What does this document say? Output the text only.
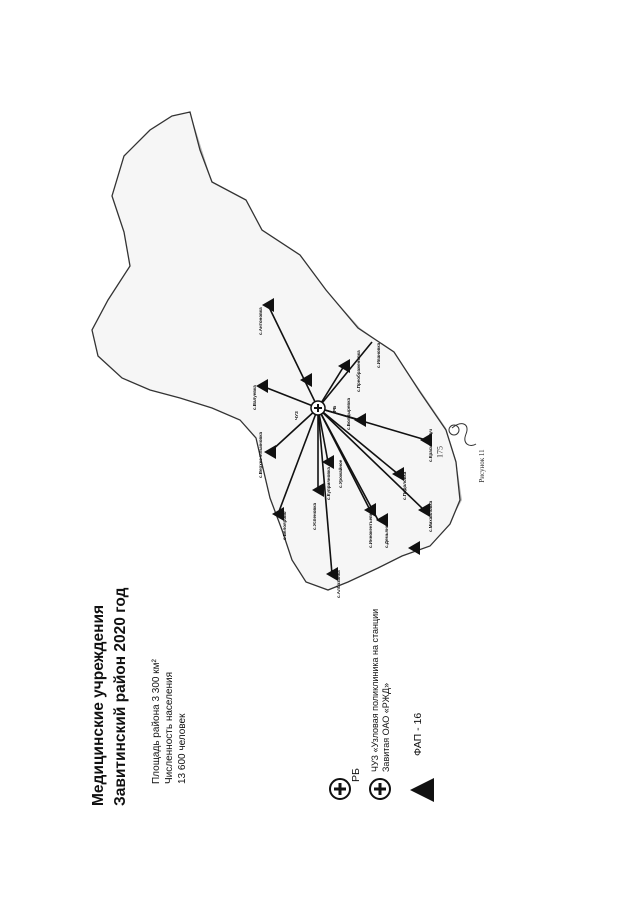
РБ
ЧУЗ
с.Антоновка
с.Валуевка
с.Верхне-Ильиновка
с.Белоярово
с.Куприяновка
с.Успеновка
с.Албазинка
с.Урожайное
с.Иннокентьевка с.Демьяновка
с.Подоловка
с.Михайловка
с.Красный Луч
с.Болдыревка
с.Преображеновка	с.Ивановка
175	Рисунок 11
Медицинские учреждения Завитинский район 2020 год	Площадь района 3 300 км² Численность населения 13 600 человек	РБ
ЧУЗ «Узловая поликлиника на станции Завитая ОАО «РЖД» ФАП - 16
